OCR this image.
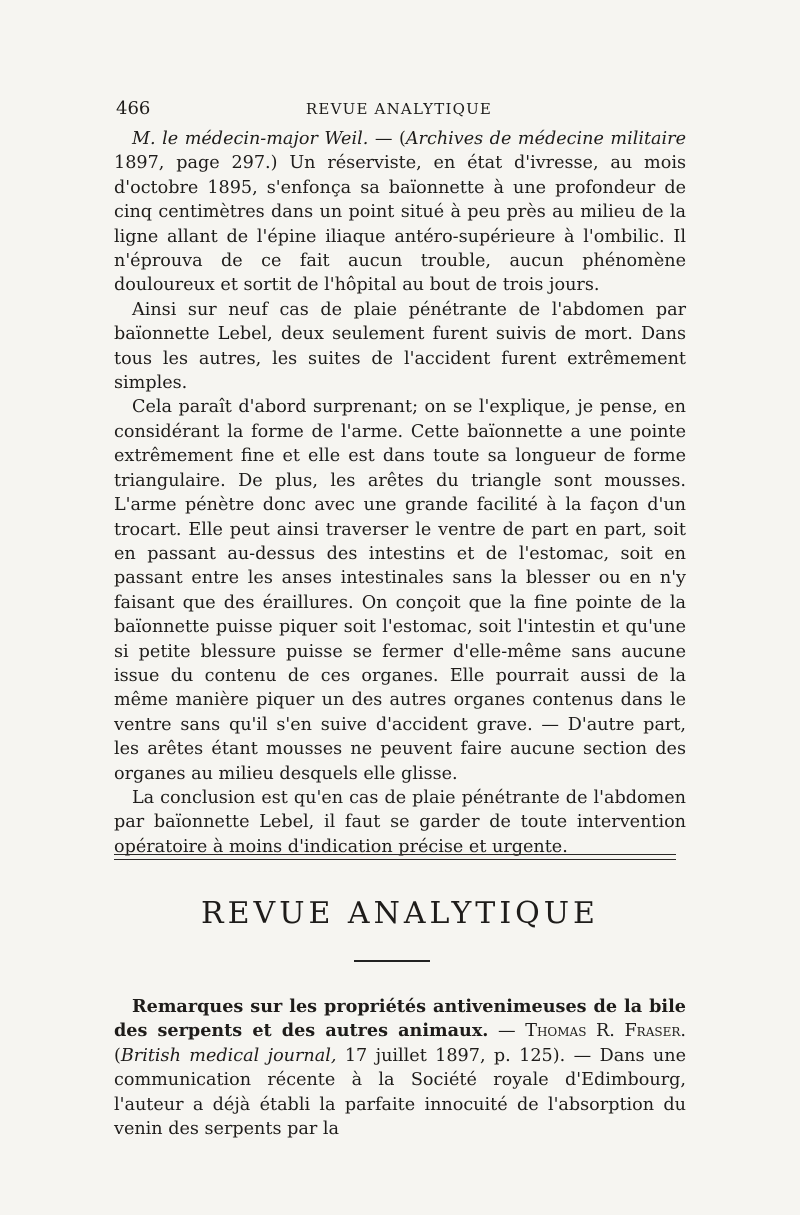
466	REVUE ANALYTIQUE

M. le médecin-major Weil. — (Archives de médecine militaire 1897, page 297.) Un réserviste, en état d'ivresse, au mois d'octobre 1895, s'enfonça sa baïonnette à une profondeur de cinq centimètres dans un point situé à peu près au milieu de la ligne allant de l'épine iliaque antéro-supérieure à l'ombilic. Il n'éprouva de ce fait aucun trouble, aucun phénomène douloureux et sortit de l'hôpital au bout de trois jours.

Ainsi sur neuf cas de plaie pénétrante de l'abdomen par baïonnette Lebel, deux seulement furent suivis de mort. Dans tous les autres, les suites de l'accident furent extrêmement simples.

Cela paraît d'abord surprenant; on se l'explique, je pense, en considérant la forme de l'arme. Cette baïonnette a une pointe extrêmement fine et elle est dans toute sa longueur de forme triangulaire. De plus, les arêtes du triangle sont mousses. L'arme pénètre donc avec une grande facilité à la façon d'un trocart. Elle peut ainsi traverser le ventre de part en part, soit en passant au-dessus des intestins et de l'estomac, soit en passant entre les anses intestinales sans la blesser ou en n'y faisant que des éraillures. On conçoit que la fine pointe de la baïonnette puisse piquer soit l'estomac, soit l'intestin et qu'une si petite blessure puisse se fermer d'elle-même sans aucune issue du contenu de ces organes. Elle pourrait aussi de la même manière piquer un des autres organes contenus dans le ventre sans qu'il s'en suive d'accident grave. — D'autre part, les arêtes étant mousses ne peuvent faire aucune section des organes au milieu desquels elle glisse.

La conclusion est qu'en cas de plaie pénétrante de l'abdomen par baïonnette Lebel, il faut se garder de toute intervention opératoire à moins d'indication précise et urgente.

REVUE ANALYTIQUE

Remarques sur les propriétés antivenimeuses de la bile des serpents et des autres animaux. — Thomas R. Fraser. (British medical journal, 17 juillet 1897, p. 125). — Dans une communication récente à la Société royale d'Edimbourg, l'auteur a déjà établi la parfaite innocuité de l'absorption du venin des serpents par la
